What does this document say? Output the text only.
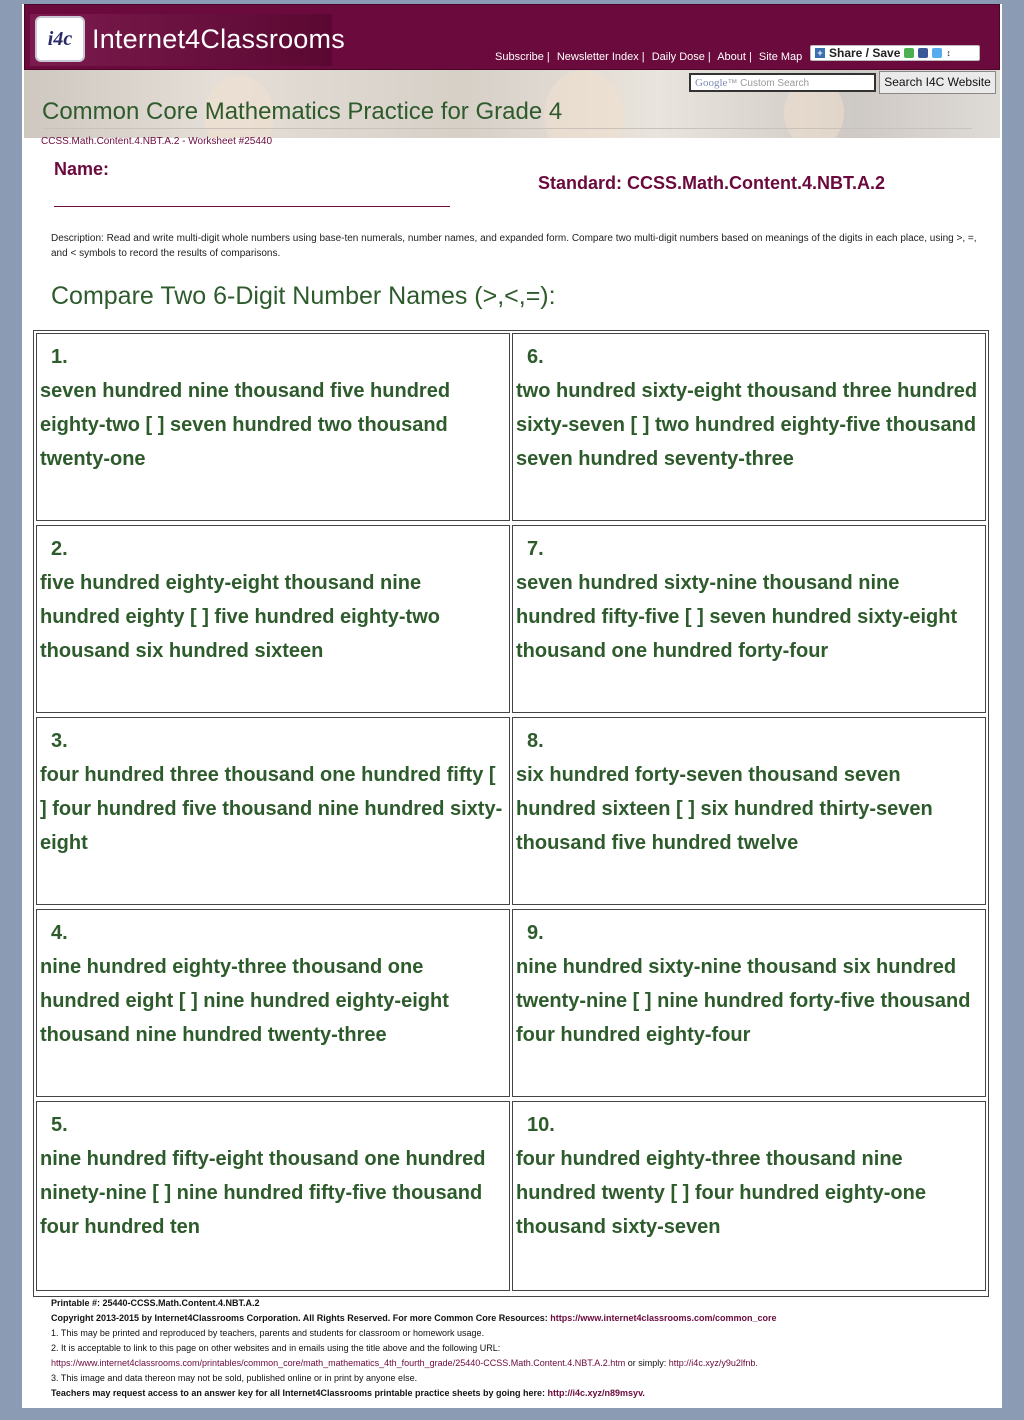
i4c Internet4Classrooms
Subscribe | Newsletter Index | Daily Dose | About | Site Map + Share / Save	↕
Google™ Custom Search	Search I4C Website
Common Core Mathematics Practice for Grade 4
CCSS.Math.Content.4.NBT.A.2 - Worksheet #25440
Name:
Standard: CCSS.Math.Content.4.NBT.A.2
Description: Read and write multi-digit whole numbers using base-ten numerals, number names, and expanded form. Compare two multi-digit numbers based on meanings of the digits in each place, using >, =, and < symbols to record the results of comparisons.
Compare Two 6-Digit Number Names (>,<,=):
1.
seven hundred nine thousand five hundred eighty-two [ ] seven hundred two thousand twenty-one
6.
two hundred sixty-eight thousand three hundred sixty-seven [ ] two hundred eighty-five thousand seven hundred seventy-three
2.
five hundred eighty-eight thousand nine hundred eighty [ ] five hundred eighty-two thousand six hundred sixteen
7.
seven hundred sixty-nine thousand nine hundred fifty-five [ ] seven hundred sixty-eight thousand one hundred forty-four
3.
four hundred three thousand one hundred fifty [ ] four hundred five thousand nine hundred sixty-eight
8.
six hundred forty-seven thousand seven hundred sixteen [ ] six hundred thirty-seven thousand five hundred twelve
4.
nine hundred eighty-three thousand one hundred eight [ ] nine hundred eighty-eight thousand nine hundred twenty-three
9.
nine hundred sixty-nine thousand six hundred twenty-nine [ ] nine hundred forty-five thousand four hundred eighty-four
5.
nine hundred fifty-eight thousand one hundred ninety-nine [ ] nine hundred fifty-five thousand four hundred ten
10.
four hundred eighty-three thousand nine hundred twenty [ ] four hundred eighty-one thousand sixty-seven
Printable #: 25440-CCSS.Math.Content.4.NBT.A.2
Copyright 2013-2015 by Internet4Classrooms Corporation. All Rights Reserved. For more Common Core Resources: https://www.internet4classrooms.com/common_core
1. This may be printed and reproduced by teachers, parents and students for classroom or homework usage.
2. It is acceptable to link to this page on other websites and in emails using the title above and the following URL:
https://www.internet4classrooms.com/printables/common_core/math_mathematics_4th_fourth_grade/25440-CCSS.Math.Content.4.NBT.A.2.htm or simply: http://i4c.xyz/y9u2lfnb.
3. This image and data thereon may not be sold, published online or in print by anyone else.
Teachers may request access to an answer key for all Internet4Classrooms printable practice sheets by going here: http://i4c.xyz/n89msyv.
